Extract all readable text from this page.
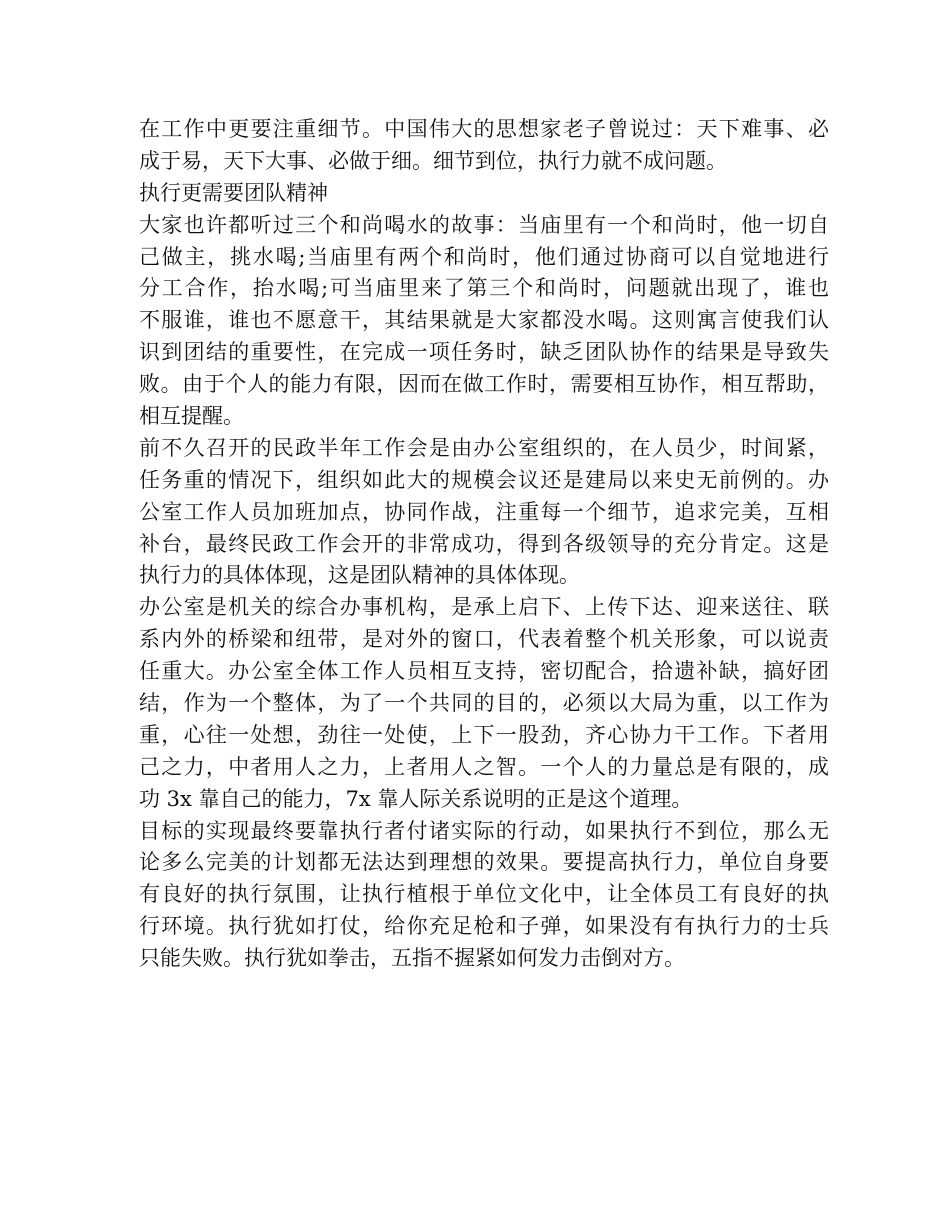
在工作中更要注重细节。中国伟大的思想家老子曾说过：天下难事、必
成于易，天下大事、必做于细。细节到位，执行力就不成问题。
执行更需要团队精神
大家也许都听过三个和尚喝水的故事：当庙里有一个和尚时，他一切自
己做主，挑水喝;当庙里有两个和尚时，他们通过协商可以自觉地进行
分工合作，抬水喝;可当庙里来了第三个和尚时，问题就出现了，谁也
不服谁，谁也不愿意干，其结果就是大家都没水喝。这则寓言使我们认
识到团结的重要性，在完成一项任务时，缺乏团队协作的结果是导致失
败。由于个人的能力有限，因而在做工作时，需要相互协作，相互帮助，
相互提醒。
前不久召开的民政半年工作会是由办公室组织的，在人员少，时间紧，
任务重的情况下，组织如此大的规模会议还是建局以来史无前例的。办
公室工作人员加班加点，协同作战，注重每一个细节，追求完美，互相
补台，最终民政工作会开的非常成功，得到各级领导的充分肯定。这是
执行力的具体体现，这是团队精神的具体体现。
办公室是机关的综合办事机构，是承上启下、上传下达、迎来送往、联
系内外的桥梁和纽带，是对外的窗口，代表着整个机关形象，可以说责
任重大。办公室全体工作人员相互支持，密切配合，拾遗补缺，搞好团
结，作为一个整体，为了一个共同的目的，必须以大局为重，以工作为
重，心往一处想，劲往一处使，上下一股劲，齐心协力干工作。下者用
己之力，中者用人之力，上者用人之智。一个人的力量总是有限的，成
功 3x 靠自己的能力，7x 靠人际关系说明的正是这个道理。
目标的实现最终要靠执行者付诸实际的行动，如果执行不到位，那么无
论多么完美的计划都无法达到理想的效果。要提高执行力，单位自身要
有良好的执行氛围，让执行植根于单位文化中，让全体员工有良好的执
行环境。执行犹如打仗，给你充足枪和子弹，如果没有有执行力的士兵
只能失败。执行犹如拳击，五指不握紧如何发力击倒对方。
